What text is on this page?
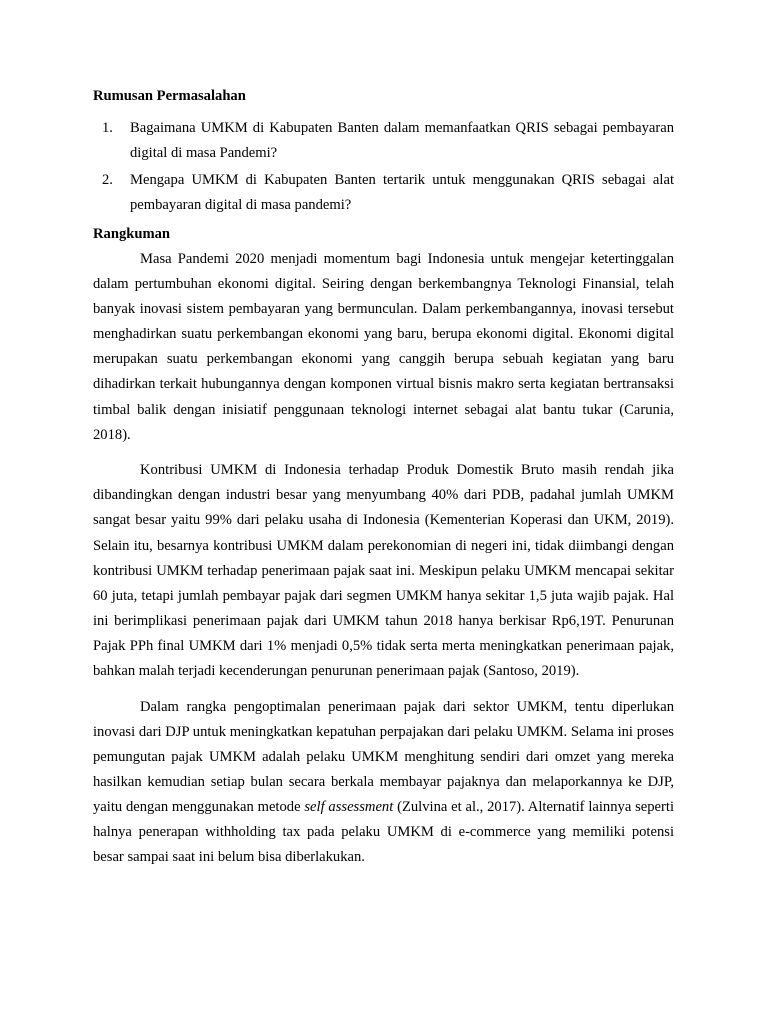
Rumusan Permasalahan
1. Bagaimana UMKM di Kabupaten Banten dalam memanfaatkan QRIS sebagai pembayaran digital di masa Pandemi?
2. Mengapa UMKM di Kabupaten Banten tertarik untuk menggunakan QRIS sebagai alat pembayaran digital di masa pandemi?
Rangkuman

Masa Pandemi 2020 menjadi momentum bagi Indonesia untuk mengejar ketertinggalan dalam pertumbuhan ekonomi digital. Seiring dengan berkembangnya Teknologi Finansial, telah banyak inovasi sistem pembayaran yang bermunculan. Dalam perkembangannya, inovasi tersebut menghadirkan suatu perkembangan ekonomi yang baru, berupa ekonomi digital. Ekonomi digital merupakan suatu perkembangan ekonomi yang canggih berupa sebuah kegiatan yang baru dihadirkan terkait hubungannya dengan komponen virtual bisnis makro serta kegiatan bertransaksi timbal balik dengan inisiatif penggunaan teknologi internet sebagai alat bantu tukar (Carunia, 2018).

Kontribusi UMKM di Indonesia terhadap Produk Domestik Bruto masih rendah jika dibandingkan dengan industri besar yang menyumbang 40% dari PDB, padahal jumlah UMKM sangat besar yaitu 99% dari pelaku usaha di Indonesia (Kementerian Koperasi dan UKM, 2019). Selain itu, besarnya kontribusi UMKM dalam perekonomian di negeri ini, tidak diimbangi dengan kontribusi UMKM terhadap penerimaan pajak saat ini. Meskipun pelaku UMKM mencapai sekitar 60 juta, tetapi jumlah pembayar pajak dari segmen UMKM hanya sekitar 1,5 juta wajib pajak. Hal ini berimplikasi penerimaan pajak dari UMKM tahun 2018 hanya berkisar Rp6,19T. Penurunan Pajak PPh final UMKM dari 1% menjadi 0,5% tidak serta merta meningkatkan penerimaan pajak, bahkan malah terjadi kecenderungan penurunan penerimaan pajak (Santoso, 2019).

Dalam rangka pengoptimalan penerimaan pajak dari sektor UMKM, tentu diperlukan inovasi dari DJP untuk meningkatkan kepatuhan perpajakan dari pelaku UMKM. Selama ini proses pemungutan pajak UMKM adalah pelaku UMKM menghitung sendiri dari omzet yang mereka hasilkan kemudian setiap bulan secara berkala membayar pajaknya dan melaporkannya ke DJP, yaitu dengan menggunakan metode self assessment (Zulvina et al., 2017). Alternatif lainnya seperti halnya penerapan withholding tax pada pelaku UMKM di e-commerce yang memiliki potensi besar sampai saat ini belum bisa diberlakukan.
